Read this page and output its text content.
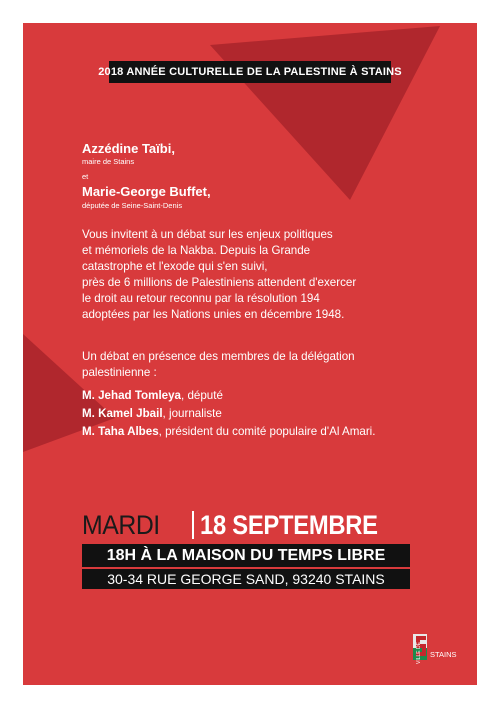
2018 ANNÉE CULTURELLE DE LA PALESTINE À STAINS
Azzédine Taïbi,
maire de Stains
et
Marie-George Buffet,
députée de Seine-Saint-Denis

Vous invitent à un débat sur les enjeux politiques
et mémoriels de la Nakba. Depuis la Grande
catastrophe et l'exode qui s'en suivi,
près de 6 millions de Palestiniens attendent d'exercer
le droit au retour reconnu par la résolution 194
adoptées par les Nations unies en décembre 1948.

Un débat en présence des membres de la délégation
palestinienne :

M. Jehad Tomleya, député
M. Kamel Jbail, journaliste
M. Taha Albes, président du comité populaire d'Al Amari.
MARDI	18 SEPTEMBRE
18H À LA MAISON DU TEMPS LIBRE
30-34 RUE GEORGE SAND, 93240 STAINS
STAINS
VILLE DE
